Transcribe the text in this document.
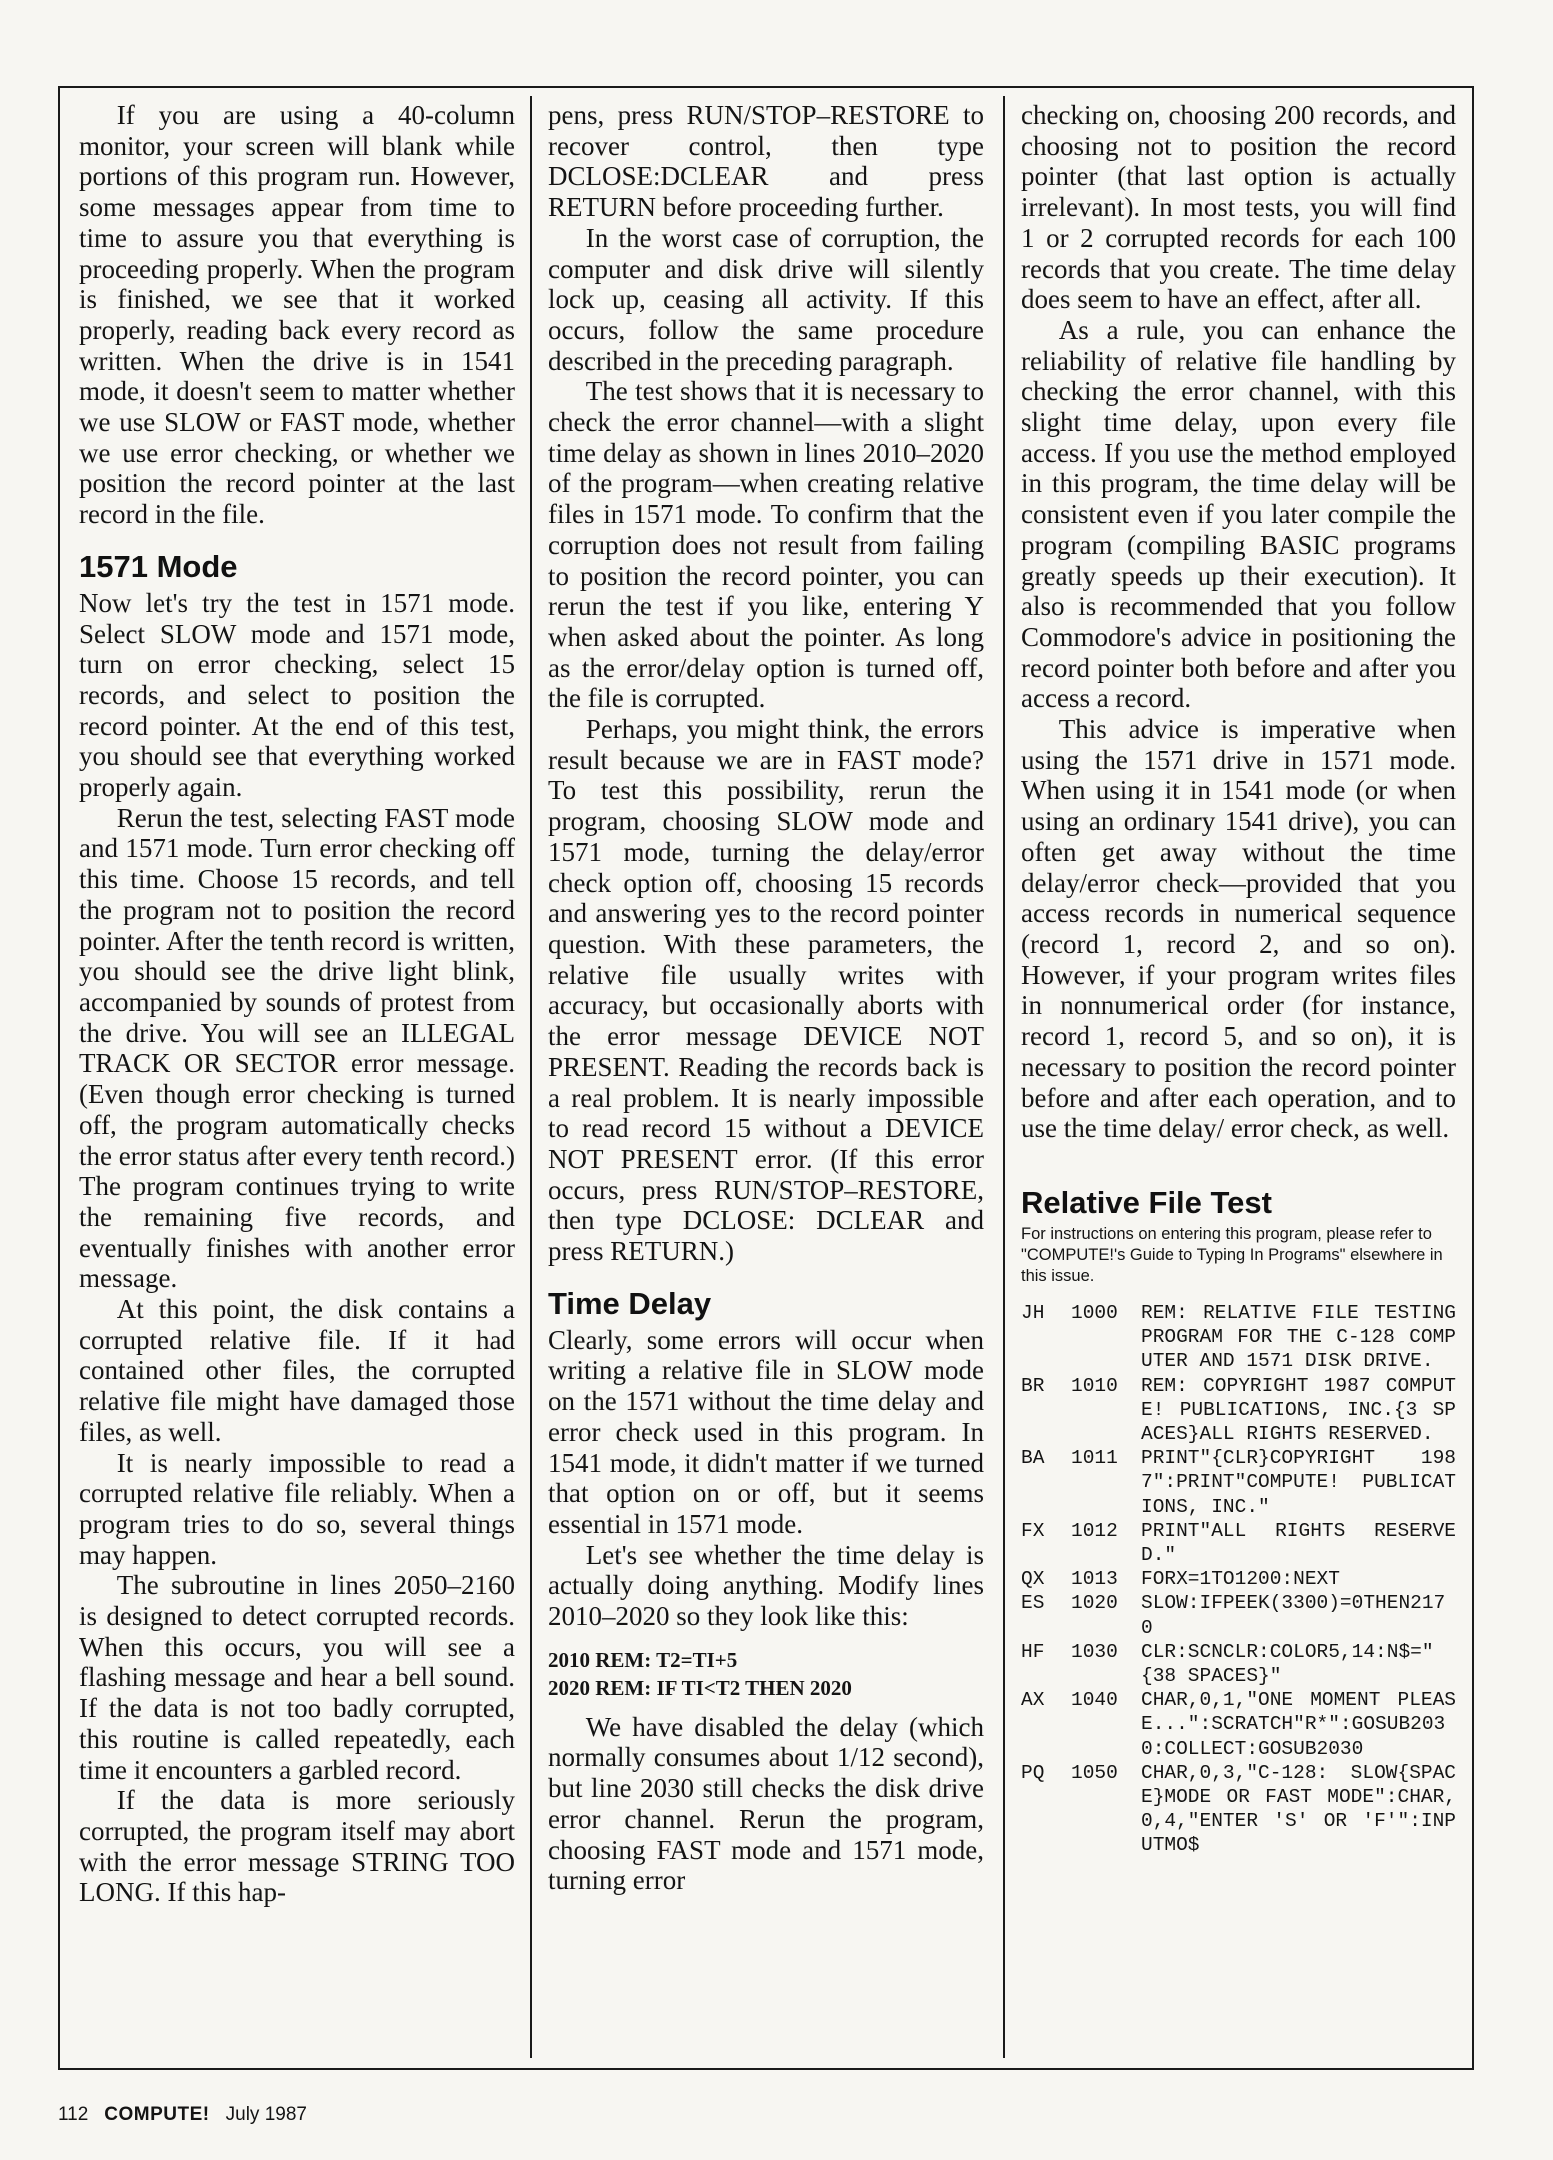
If you are using a 40-column monitor, your screen will blank while portions of this program run. However, some messages appear from time to time to assure you that everything is proceeding properly. When the program is finished, we see that it worked properly, reading back every record as written. When the drive is in 1541 mode, it doesn't seem to matter whether we use SLOW or FAST mode, whether we use error checking, or whether we position the record pointer at the last record in the file.

1571 Mode

Now let's try the test in 1571 mode. Select SLOW mode and 1571 mode, turn on error checking, select 15 records, and select to position the record pointer. At the end of this test, you should see that everything worked properly again.

Rerun the test, selecting FAST mode and 1571 mode. Turn error checking off this time. Choose 15 records, and tell the program not to position the record pointer. After the tenth record is written, you should see the drive light blink, accompanied by sounds of protest from the drive. You will see an ILLEGAL TRACK OR SECTOR error message. (Even though error checking is turned off, the program automatically checks the error status after every tenth record.) The program continues trying to write the remaining five records, and eventually finishes with another error message.

At this point, the disk contains a corrupted relative file. If it had contained other files, the corrupted relative file might have damaged those files, as well.

It is nearly impossible to read a corrupted relative file reliably. When a program tries to do so, several things may happen.

The subroutine in lines 2050–2160 is designed to detect corrupted records. When this occurs, you will see a flashing message and hear a bell sound. If the data is not too badly corrupted, this routine is called repeatedly, each time it encounters a garbled record.

If the data is more seriously corrupted, the program itself may abort with the error message STRING TOO LONG. If this hap-

pens, press RUN/STOP–RESTORE to recover control, then type DCLOSE:DCLEAR and press RETURN before proceeding further.

In the worst case of corruption, the computer and disk drive will silently lock up, ceasing all activity. If this occurs, follow the same procedure described in the preceding paragraph.

The test shows that it is necessary to check the error channel—with a slight time delay as shown in lines 2010–2020 of the program—when creating relative files in 1571 mode. To confirm that the corruption does not result from failing to position the record pointer, you can rerun the test if you like, entering Y when asked about the pointer. As long as the error/delay option is turned off, the file is corrupted.

Perhaps, you might think, the errors result because we are in FAST mode? To test this possibility, rerun the program, choosing SLOW mode and 1571 mode, turning the delay/error check option off, choosing 15 records and answering yes to the record pointer question. With these parameters, the relative file usually writes with accuracy, but occasionally aborts with the error message DEVICE NOT PRESENT. Reading the records back is a real problem. It is nearly impossible to read record 15 without a DEVICE NOT PRESENT error. (If this error occurs, press RUN/STOP–RESTORE, then type DCLOSE: DCLEAR and press RETURN.)

Time Delay

Clearly, some errors will occur when writing a relative file in SLOW mode on the 1571 without the time delay and error check used in this program. In 1541 mode, it didn't matter if we turned that option on or off, but it seems essential in 1571 mode.

Let's see whether the time delay is actually doing anything. Modify lines 2010–2020 so they look like this:

2010 REM: T2=TI+5
2020 REM: IF TI<T2 THEN 2020

We have disabled the delay (which normally consumes about 1/12 second), but line 2030 still checks the disk drive error channel. Rerun the program, choosing FAST mode and 1571 mode, turning error

checking on, choosing 200 records, and choosing not to position the record pointer (that last option is actually irrelevant). In most tests, you will find 1 or 2 corrupted records for each 100 records that you create. The time delay does seem to have an effect, after all.

As a rule, you can enhance the reliability of relative file handling by checking the error channel, with this slight time delay, upon every file access. If you use the method employed in this program, the time delay will be consistent even if you later compile the program (compiling BASIC programs greatly speeds up their execution). It also is recommended that you follow Commodore's advice in positioning the record pointer both before and after you access a record.

This advice is imperative when using the 1571 drive in 1571 mode. When using it in 1541 mode (or when using an ordinary 1541 drive), you can often get away without the time delay/error check—provided that you access records in numerical sequence (record 1, record 2, and so on). However, if your program writes files in nonnumerical order (for instance, record 1, record 5, and so on), it is necessary to position the record pointer before and after each operation, and to use the time delay/ error check, as well.

Relative File Test
For instructions on entering this program, please refer to "COMPUTE!'s Guide to Typing In Programs" elsewhere in this issue.
JH	1000	REM: RELATIVE FILE TESTING PROGRAM FOR THE C-128 COMPUTER AND 1571 DISK DRIVE.
BR	1010	REM: COPYRIGHT 1987 COMPUTE! PUBLICATIONS, INC.{3 SPACES}ALL RIGHTS RESERVED.
BA	1011	PRINT"{CLR}COPYRIGHT 1987":PRINT"COMPUTE! PUBLICATIONS, INC."
FX	1012	PRINT"ALL RIGHTS RESERVED."
QX	1013	FORX=1TO1200:NEXT
ES	1020	SLOW:IFPEEK(3300)=0THEN2170
HF	1030	CLR:SCNCLR:COLOR5,14:N$="{38 SPACES}"
AX	1040	CHAR,0,1,"ONE MOMENT PLEASE...":SCRATCH"R*":GOSUB2030:COLLECT:GOSUB2030
PQ	1050	CHAR,0,3,"C-128: SLOW{SPACE}MODE OR FAST MODE":CHAR,0,4,"ENTER 'S' OR 'F'":INPUTMO$
112 COMPUTE! July 1987
